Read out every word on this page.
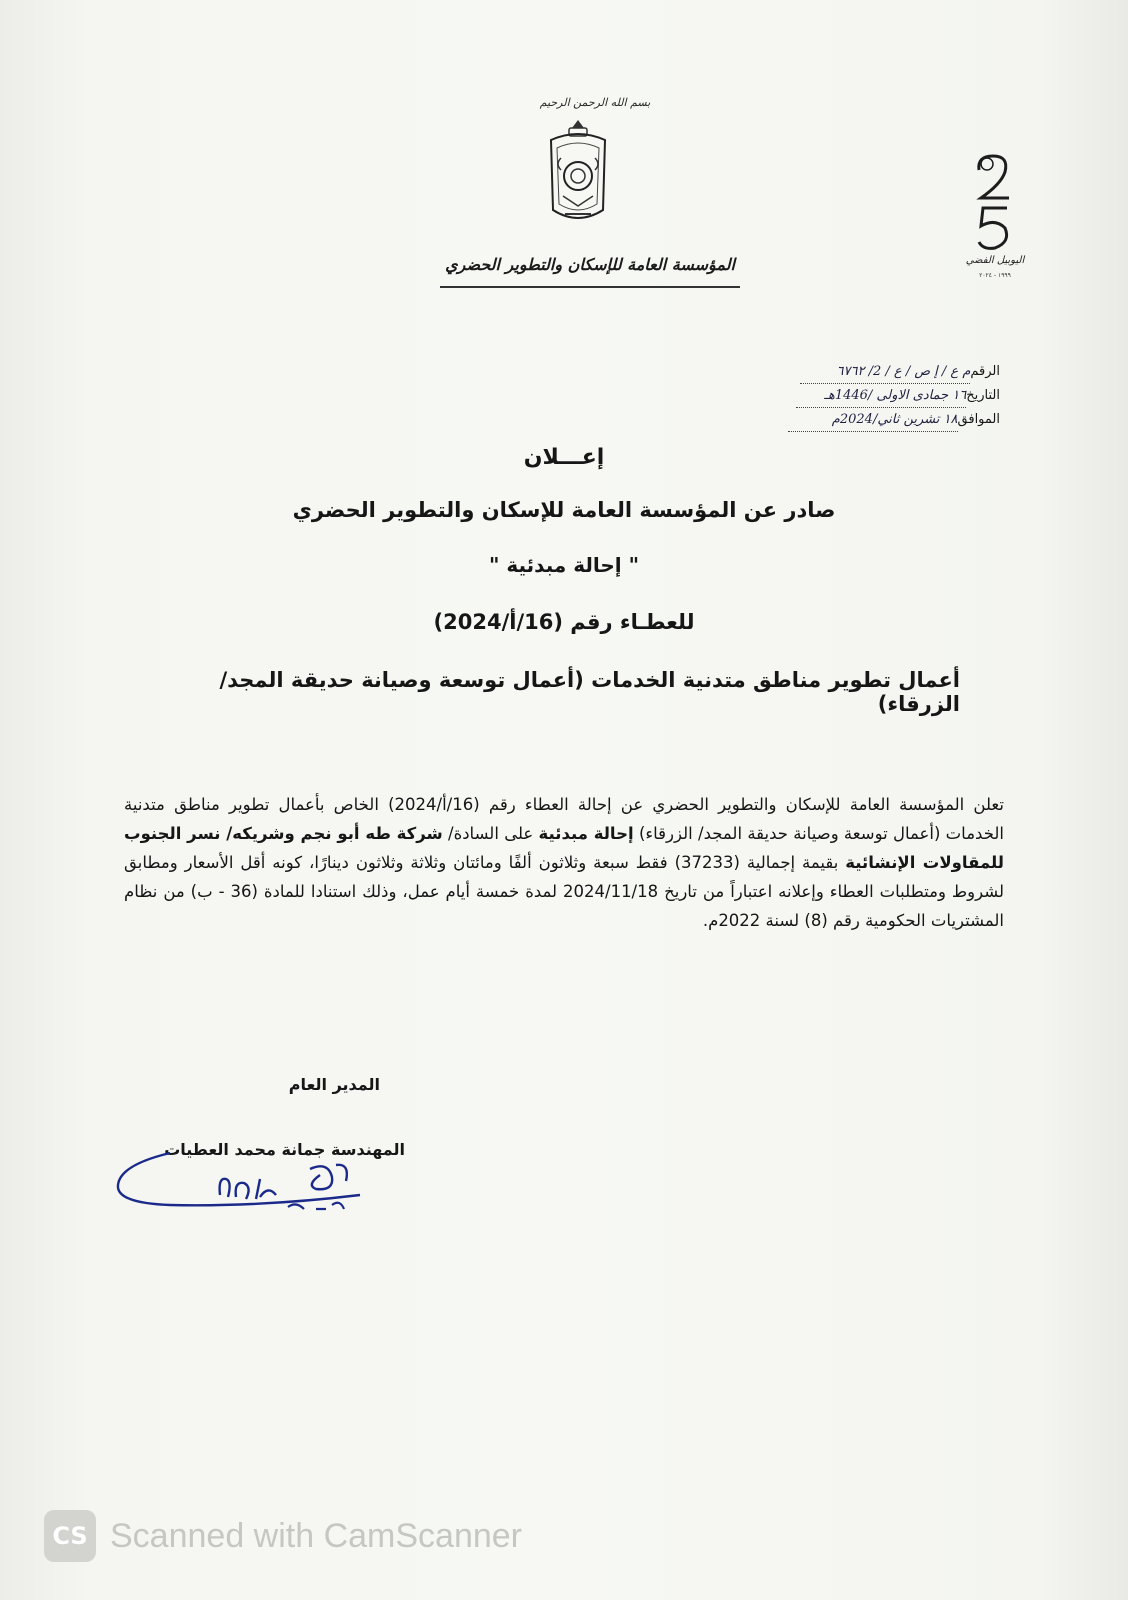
بسم الله الرحمن الرحيم
المؤسسة العامة للإسكان والتطوير الحضري	اليوبيل الفضي
١٩٩٩ - ٢٠٢٤
الرقمم ع / إ ص / ع / 2/ ٦٧٦٢
التاريخ١٦ جمادى الاولى /1446هـ
الموافق١٨ تشرين ثاني/2024م
إعـــلان
صادر عن المؤسسة العامة للإسكان والتطوير الحضري
" إحالة مبدئية "
للعطـاء رقم (16/أ/2024)
أعمال تطوير مناطق متدنية الخدمات (أعمال توسعة وصيانة حديقة المجد/ الزرقاء)

تعلن المؤسسة العامة للإسكان والتطوير الحضري عن إحالة العطاء رقم (16/أ/2024) الخاص بأعمال تطوير مناطق متدنية الخدمات (أعمال توسعة وصيانة حديقة المجد/ الزرقاء) إحالة مبدئية على السادة/ شركة طه أبو نجم وشريكه/ نسر الجنوب للمقاولات الإنشائية بقيمة إجمالية (37233) فقط سبعة وثلاثون ألفًا ومائتان وثلاثة وثلاثون دينارًا، كونه أقل الأسعار ومطابق لشروط ومتطلبات العطاء وإعلانه اعتباراً من تاريخ 2024/11/18 لمدة خمسة أيام عمل، وذلك استنادا للمادة (36 - ب) من نظام المشتريات الحكومية رقم (8) لسنة 2022م.

المدير العام
المهندسة جمانة محمد العطيات
CS Scanned with CamScanner
